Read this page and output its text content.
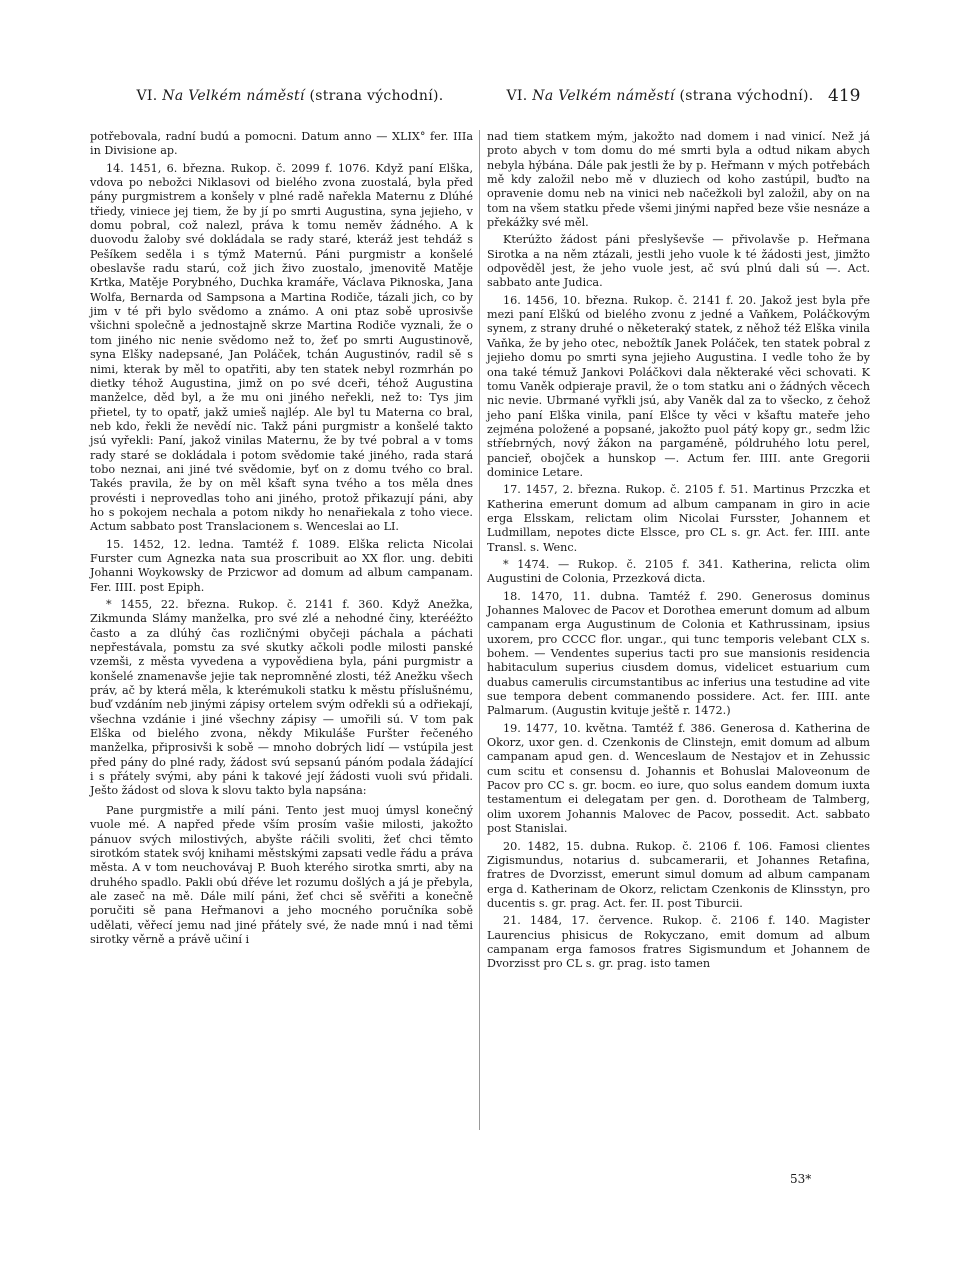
VI. Na Velkém náměstí (strana východní).	VI. Na Velkém náměstí (strana východní). 419

potřebovala, radní budú a pomocni. Datum anno — XLIX° fer. IIIa in Divisione ap.

14. 1451, 6. března. Rukop. č. 2099 f. 1076. Když paní Elška, vdova po nebožci Niklasovi od bielého zvona zuostalá, byla před pány purgmistrem a konšely v plné radě nařekla Maternu z Dlúhé třiedy, viniece jej tiem, že by jí po smrti Augustina, syna jejieho, v domu pobral, což nalezl, práva k tomu neměv žádného. A k duovodu žaloby své dokládala se rady staré, kteráž jest tehdáž s Pešíkem seděla i s týmž Maternú. Páni purgmistr a konšelé obeslavše radu starú, což jich živo zuostalo, jmenovitě Matěje Krtka, Matěje Porybného, Duchka kramáře, Václava Piknoska, Jana Wolfa, Bernarda od Sampsona a Martina Rodiče, tázali jich, co by jim v té při bylo svědomo a známo. A oni ptaz sobě uprosivše všichni společně a jednostajně skrze Martina Rodiče vyznali, že o tom jiného nic nenie svědomo než to, žeť po smrti Augustinově, syna Elšky nadepsané, Jan Poláček, tchán Augustinóv, radil sě s nimi, kterak by měl to opatřiti, aby ten statek nebyl rozmrhán po dietky téhož Augustina, jimž on po své dceři, téhož Augustina manželce, děd byl, a že mu oni jiného neřekli, než to: Tys jim přietel, ty to opatř, jakž umieš najlép. Ale byl tu Materna co bral, neb kdo, řekli že nevědí nic. Takž páni purgmistr a konšelé takto jsú vyřekli: Paní, jakož vinilas Maternu, že by tvé pobral a v toms rady staré se dokládala i potom svědomie také jiného, rada stará tobo neznai, ani jiné tvé svědomie, byť on z domu tvého co bral. Takés pravila, že by on měl kšaft syna tvého a tos měla dnes provésti i neprovedlas toho ani jiného, protož přikazují páni, aby ho s pokojem nechala a potom nikdy ho nenařiekala z toho viece. Actum sabbato post Translacionem s. Wenceslai ao LI.

15. 1452, 12. ledna. Tamtéž f. 1089. Elška relicta Nicolai Furster cum Agnezka nata sua proscribuit ao XX flor. ung. debiti Johanni Woykowsky de Przicwor ad domum ad album campanam. Fer. IIII. post Epiph.

* 1455, 22. března. Rukop. č. 2141 f. 360. Když Anežka, Zikmunda Slámy manželka, pro své zlé a nehodné činy, kterééžto často a za dlúhý čas rozličnými obyčeji páchala a páchati nepřestávala, pomstu za své skutky ačkoli podle milosti panské vzemši, z města vyvedena a vypovědiena byla, páni purgmistr a konšelé znamenavše jejie tak nepromněné zlosti, též Anežku všech práv, ač by která měla, k kterémukoli statku k městu příslušnému, buď vzdáním neb jinými zápisy ortelem svým odřekli sú a odřiekají, všechna vzdánie i jiné všechny zápisy — umořili sú. V tom pak Elška od bielého zvona, někdy Mikuláše Furšter řečeného manželka, připrosivši k sobě — mnoho dobrých lidí — vstúpila jest před pány do plné rady, žádost svú sepsanú pánóm podala žádající i s přátely svými, aby páni k takové její žádosti vuoli svú přidali. Ješto žádost od slova k slovu takto byla napsána:

Pane purgmistře a milí páni. Tento jest muoj úmysl konečný vuole mé. A napřed přede vším prosím vašie milosti, jakožto pánuov svých milostivých, abyšte ráčili svoliti, žeť chci těmto sirotkóm statek svój knihami městskými zapsati vedle řádu a práva města. A v tom neuchovávaj P. Buoh kterého sirotka smrti, aby na druhého spadlo. Pakli obú dřéve let rozumu došlých a já je přebyla, ale zaseč na mě. Dále milí páni, žeť chci sě svěřiti a konečně poručiti sě pana Heřmanovi a jeho mocného poručníka sobě udělati, věřecí jemu nad jiné přátely své, že nade mnú i nad těmi sirotky věrně a právě učiní i

nad tiem statkem mým, jakožto nad domem i nad vinicí. Než já proto abych v tom domu do mé smrti byla a odtud nikam abych nebyla hýbána. Dále pak jestli že by p. Heřmann v mých potřebách mě kdy založil nebo mě v dluziech od koho zastúpil, buďto na opravenie domu neb na vinici neb načežkoli byl založil, aby on na tom na všem statku přede všemi jinými napřed beze všie nesnáze a překážky své měl.

Kterúžto žádost páni přeslyševše — přivolavše p. Heřmana Sirotka a na něm ztázali, jestli jeho vuole k té žádosti jest, jimžto odpověděl jest, že jeho vuole jest, ač svú plnú dali sú —. Act. sabbato ante Judica.

16. 1456, 10. března. Rukop. č. 2141 f. 20. Jakož jest byla pře mezi paní Elškú od bielého zvonu z jedné a Vaňkem, Poláčkovým synem, z strany druhé o něketeraký statek, z něhož též Elška vinila Vaňka, že by jeho otec, nebožtík Janek Poláček, ten statek pobral z jejieho domu po smrti syna jejieho Augustina. I vedle toho že by ona také témuž Jankovi Poláčkovi dala některaké věci schovati. K tomu Vaněk odpieraje pravil, že o tom statku ani o žádných věcech nic nevie. Ubrmané vyřkli jsú, aby Vaněk dal za to všecko, z čehož jeho paní Elška vinila, paní Elšce ty věci v kšaftu mateře jeho zejména položené a popsané, jakožto puol pátý kopy gr., sedm lžic stříebrných, nový žákon na pargaméně, póldruhého lotu perel, pancieř, obojček a hunskop —. Actum fer. IIII. ante Gregorii dominice Letare.

17. 1457, 2. března. Rukop. č. 2105 f. 51. Martinus Przczka et Katherina emerunt domum ad album campanam in giro in acie erga Elsskam, relictam olim Nicolai Fursster, Johannem et Ludmillam, nepotes dicte Elssce, pro CL s. gr. Act. fer. IIII. ante Transl. s. Wenc.

* 1474. — Rukop. č. 2105 f. 341. Katherina, relicta olim Augustini de Colonia, Przezková dicta.

18. 1470, 11. dubna. Tamtéž f. 290. Generosus dominus Johannes Malovec de Pacov et Dorothea emerunt domum ad album campanam erga Augustinum de Colonia et Kathrussinam, ipsius uxorem, pro CCCC flor. ungar., qui tunc temporis velebant CLX s. bohem. — Vendentes superius tacti pro sue mansionis residencia habitaculum superius ciusdem domus, videlicet estuarium cum duabus camerulis circumstantibus ac inferius una testudine ad vite sue tempora debent commanendo possidere. Act. fer. IIII. ante Palmarum. (Augustin kvituje ještě r. 1472.)

19. 1477, 10. května. Tamtéž f. 386. Generosa d. Katherina de Okorz, uxor gen. d. Czenkonis de Clinstejn, emit domum ad album campanam apud gen. d. Wenceslaum de Nestajov et in Zehussic cum scitu et consensu d. Johannis et Bohuslai Maloveonum de Pacov pro CC s. gr. bocm. eo iure, quo solus eandem domum iuxta testamentum ei delegatam per gen. d. Dorotheam de Talmberg, olim uxorem Johannis Malovec de Pacov, possedit. Act. sabbato post Stanislai.

20. 1482, 15. dubna. Rukop. č. 2106 f. 106. Famosi clientes Zigismundus, notarius d. subcamerarii, et Johannes Retafina, fratres de Dvorzisst, emerunt simul domum ad album campanam erga d. Katherinam de Okorz, relictam Czenkonis de Klinsstyn, pro ducentis s. gr. prag. Act. fer. II. post Tiburcii.

21. 1484, 17. července. Rukop. č. 2106 f. 140. Magister Laurencius phisicus de Rokyczano, emit domum ad album campanam erga famosos fratres Sigismundum et Johannem de Dvorzisst pro CL s. gr. prag. isto tamen

53*
